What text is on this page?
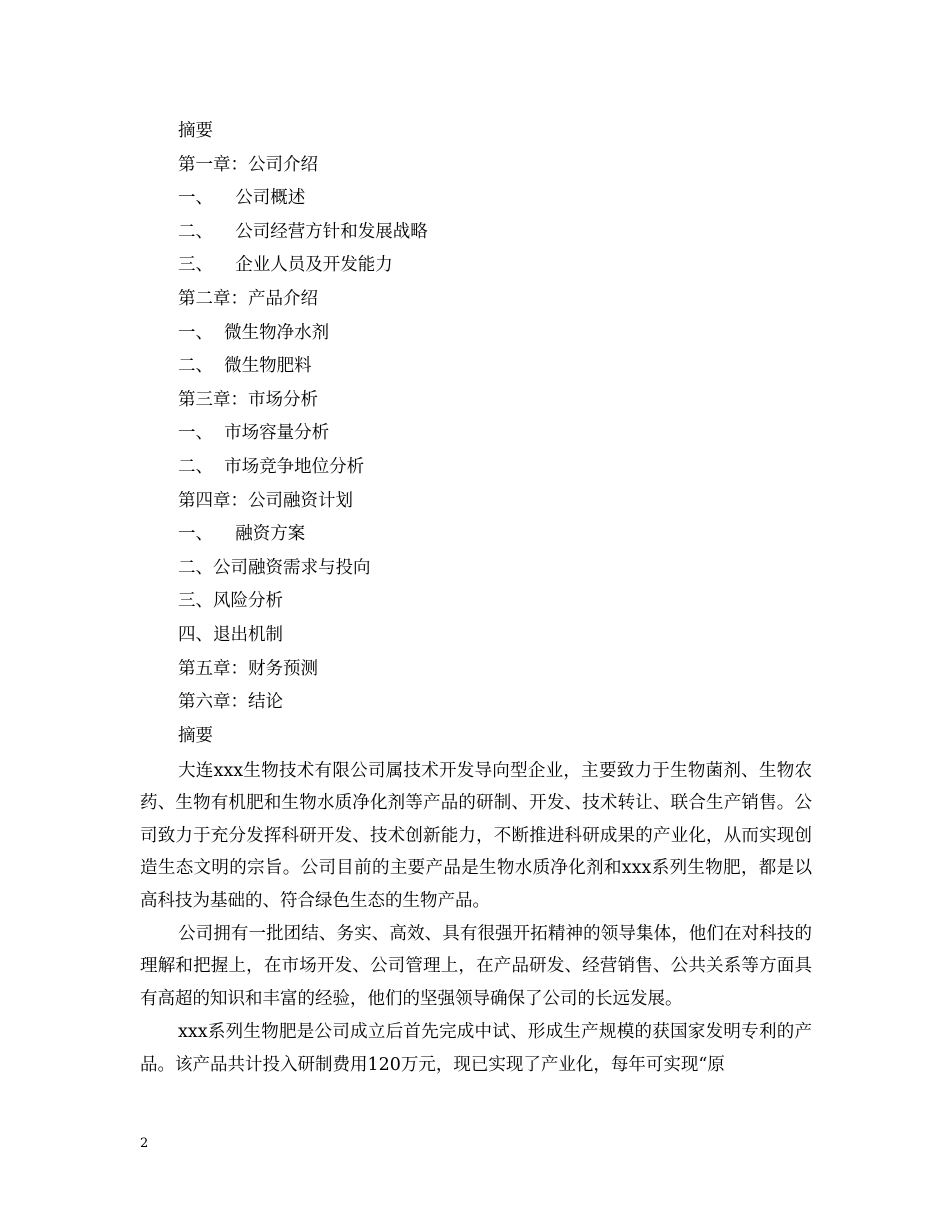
摘要
第一章：公司介绍
一、    公司概述
二、    公司经营方针和发展战略
三、    企业人员及开发能力
第二章：产品介绍
一、  微生物净水剂
二、  微生物肥料
第三章：市场分析
一、  市场容量分析
二、  市场竞争地位分析
第四章：公司融资计划
一、    融资方案
二、公司融资需求与投向
三、风险分析
四、退出机制
第五章：财务预测
第六章：结论
摘要

大连xxx生物技术有限公司属技术开发导向型企业，主要致力于生物菌剂、生物农药、生物有机肥和生物水质净化剂等产品的研制、开发、技术转让、联合生产销售。公司致力于充分发挥科研开发、技术创新能力，不断推进科研成果的产业化，从而实现创造生态文明的宗旨。公司目前的主要产品是生物水质净化剂和xxx系列生物肥，都是以高科技为基础的、符合绿色生态的生物产品。

公司拥有一批团结、务实、高效、具有很强开拓精神的领导集体，他们在对科技的理解和把握上，在市场开发、公司管理上，在产品研发、经营销售、公共关系等方面具有高超的知识和丰富的经验，他们的坚强领导确保了公司的长远发展。

xxx系列生物肥是公司成立后首先完成中试、形成生产规模的获国家发明专利的产品。该产品共计投入研制费用120万元，现已实现了产业化，每年可实现“原

2
